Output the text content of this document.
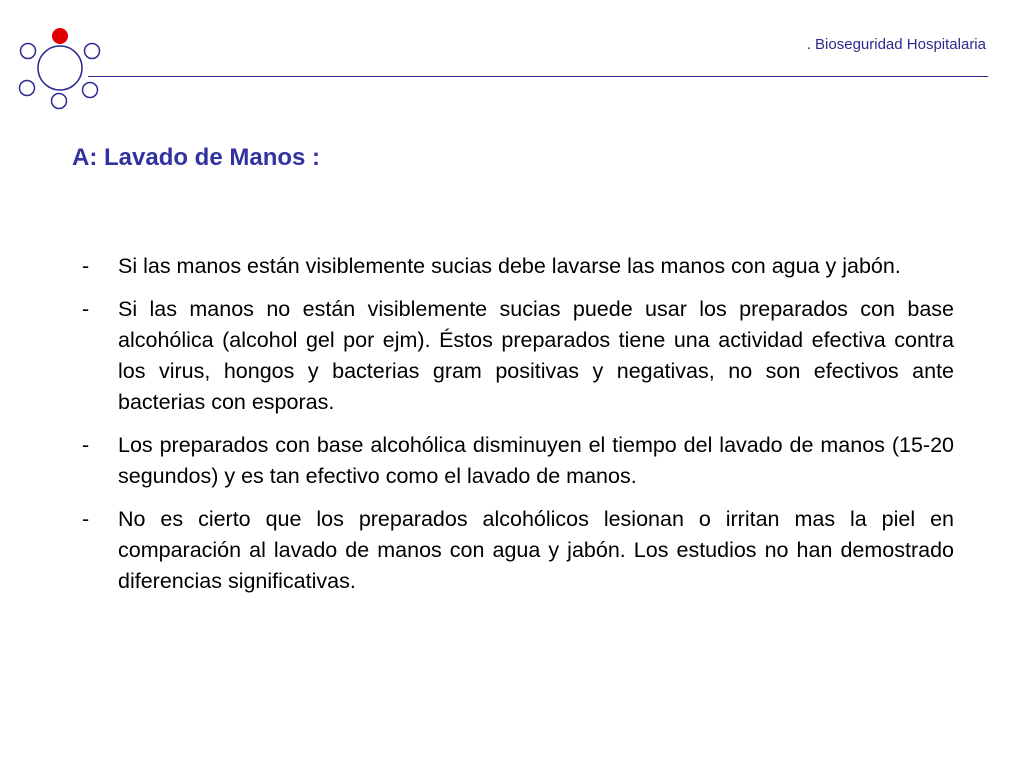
. Bioseguridad Hospitalaria
A: Lavado de Manos :
-	Si las manos están visiblemente sucias debe lavarse las manos con agua y jabón.
-	Si las manos no están visiblemente sucias puede usar los preparados con base alcohólica (alcohol gel por ejm). Éstos preparados tiene una actividad efectiva contra los virus, hongos y bacterias gram positivas y negativas, no son efectivos ante bacterias con esporas.
-	Los preparados con base alcohólica disminuyen el tiempo del lavado de manos (15-20 segundos) y es tan efectivo como el lavado de manos.
-	No es cierto que los preparados alcohólicos lesionan o irritan mas la piel en comparación al lavado de manos con agua y jabón. Los estudios no han demostrado diferencias significativas.
